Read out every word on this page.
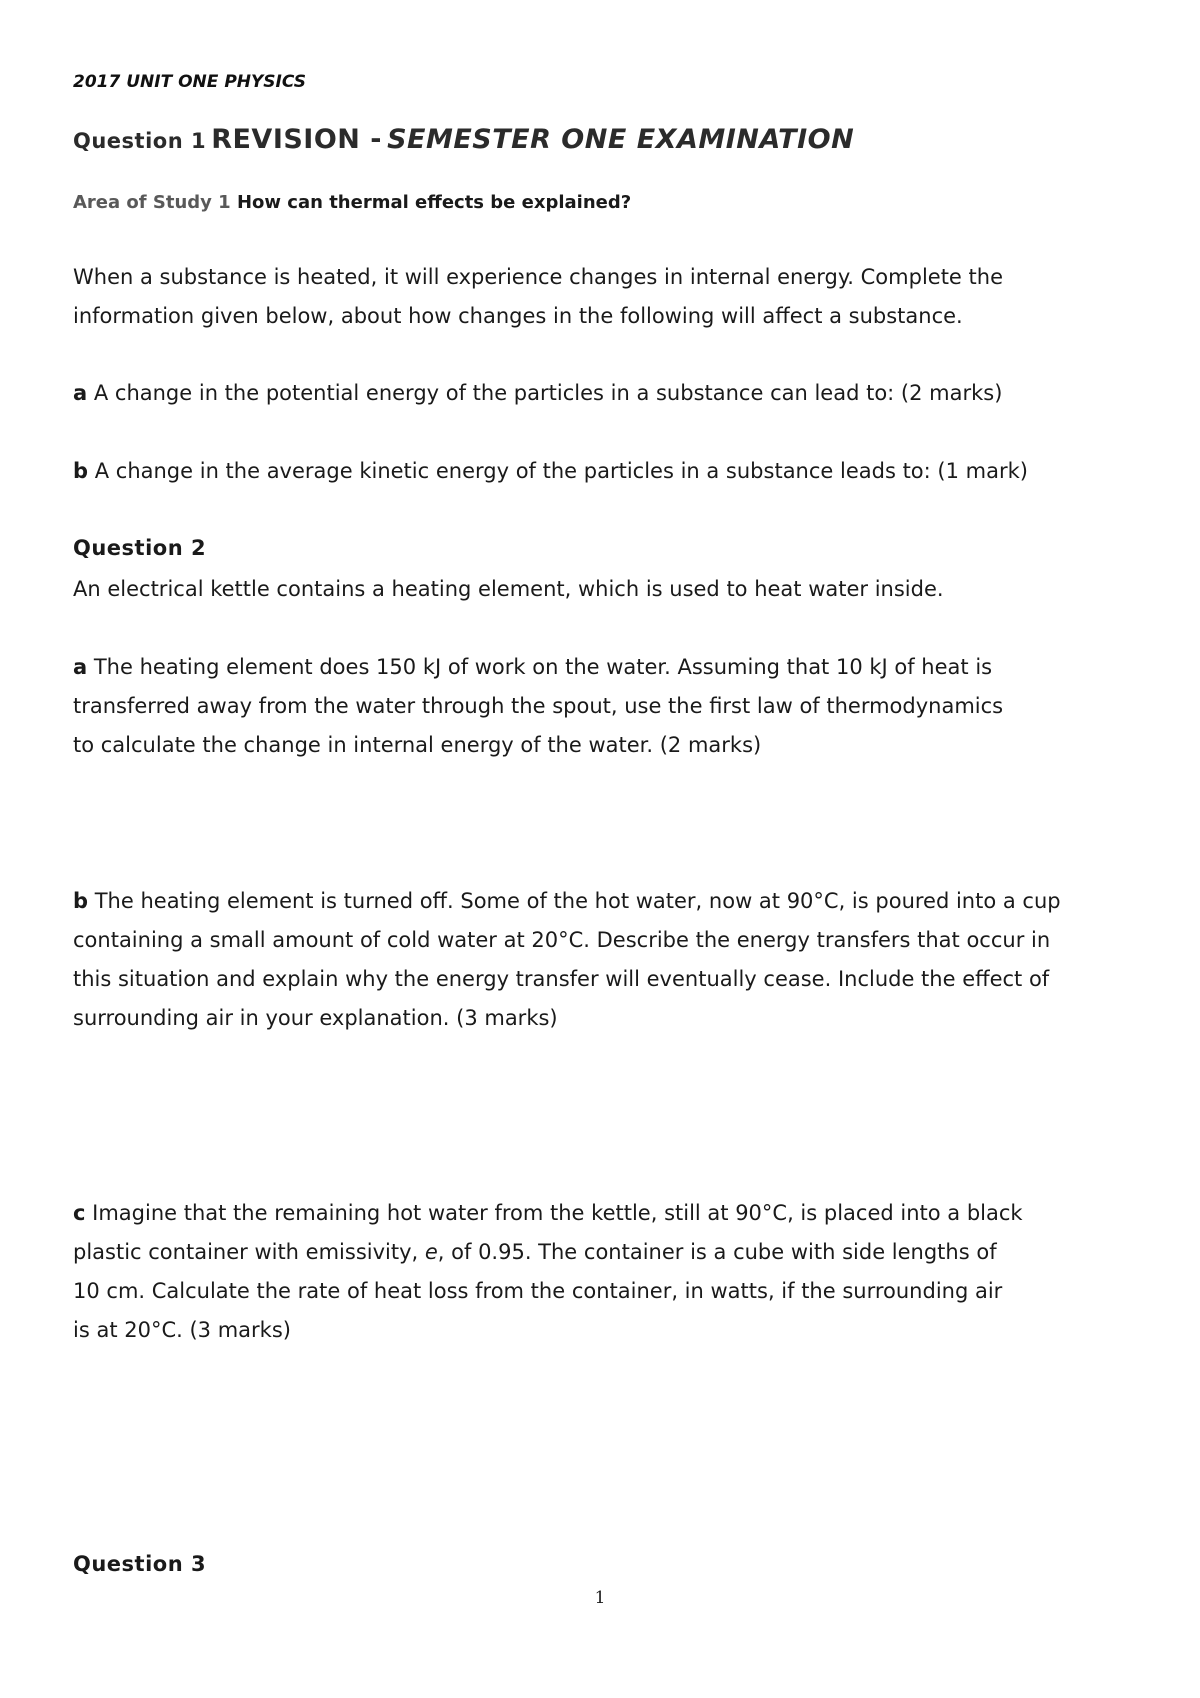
2017 UNIT ONE PHYSICS
Question 1 REVISION - SEMESTER ONE EXAMINATION
Area of Study 1 How can thermal effects be explained?
When a substance is heated, it will experience changes in internal energy. Complete the
information given below, about how changes in the following will affect a substance.
a A change in the potential energy of the particles in a substance can lead to: (2 marks)
b A change in the average kinetic energy of the particles in a substance leads to: (1 mark)
Question 2
An electrical kettle contains a heating element, which is used to heat water inside.
a The heating element does 150 kJ of work on the water. Assuming that 10 kJ of heat is
transferred away from the water through the spout, use the first law of thermodynamics
to calculate the change in internal energy of the water. (2 marks)
b The heating element is turned off. Some of the hot water, now at 90°C, is poured into a cup
containing a small amount of cold water at 20°C. Describe the energy transfers that occur in
this situation and explain why the energy transfer will eventually cease. Include the effect of
surrounding air in your explanation. (3 marks)
c Imagine that the remaining hot water from the kettle, still at 90°C, is placed into a black
plastic container with emissivity, e, of 0.95. The container is a cube with side lengths of
10 cm. Calculate the rate of heat loss from the container, in watts, if the surrounding air
is at 20°C. (3 marks)
Question 3
1
